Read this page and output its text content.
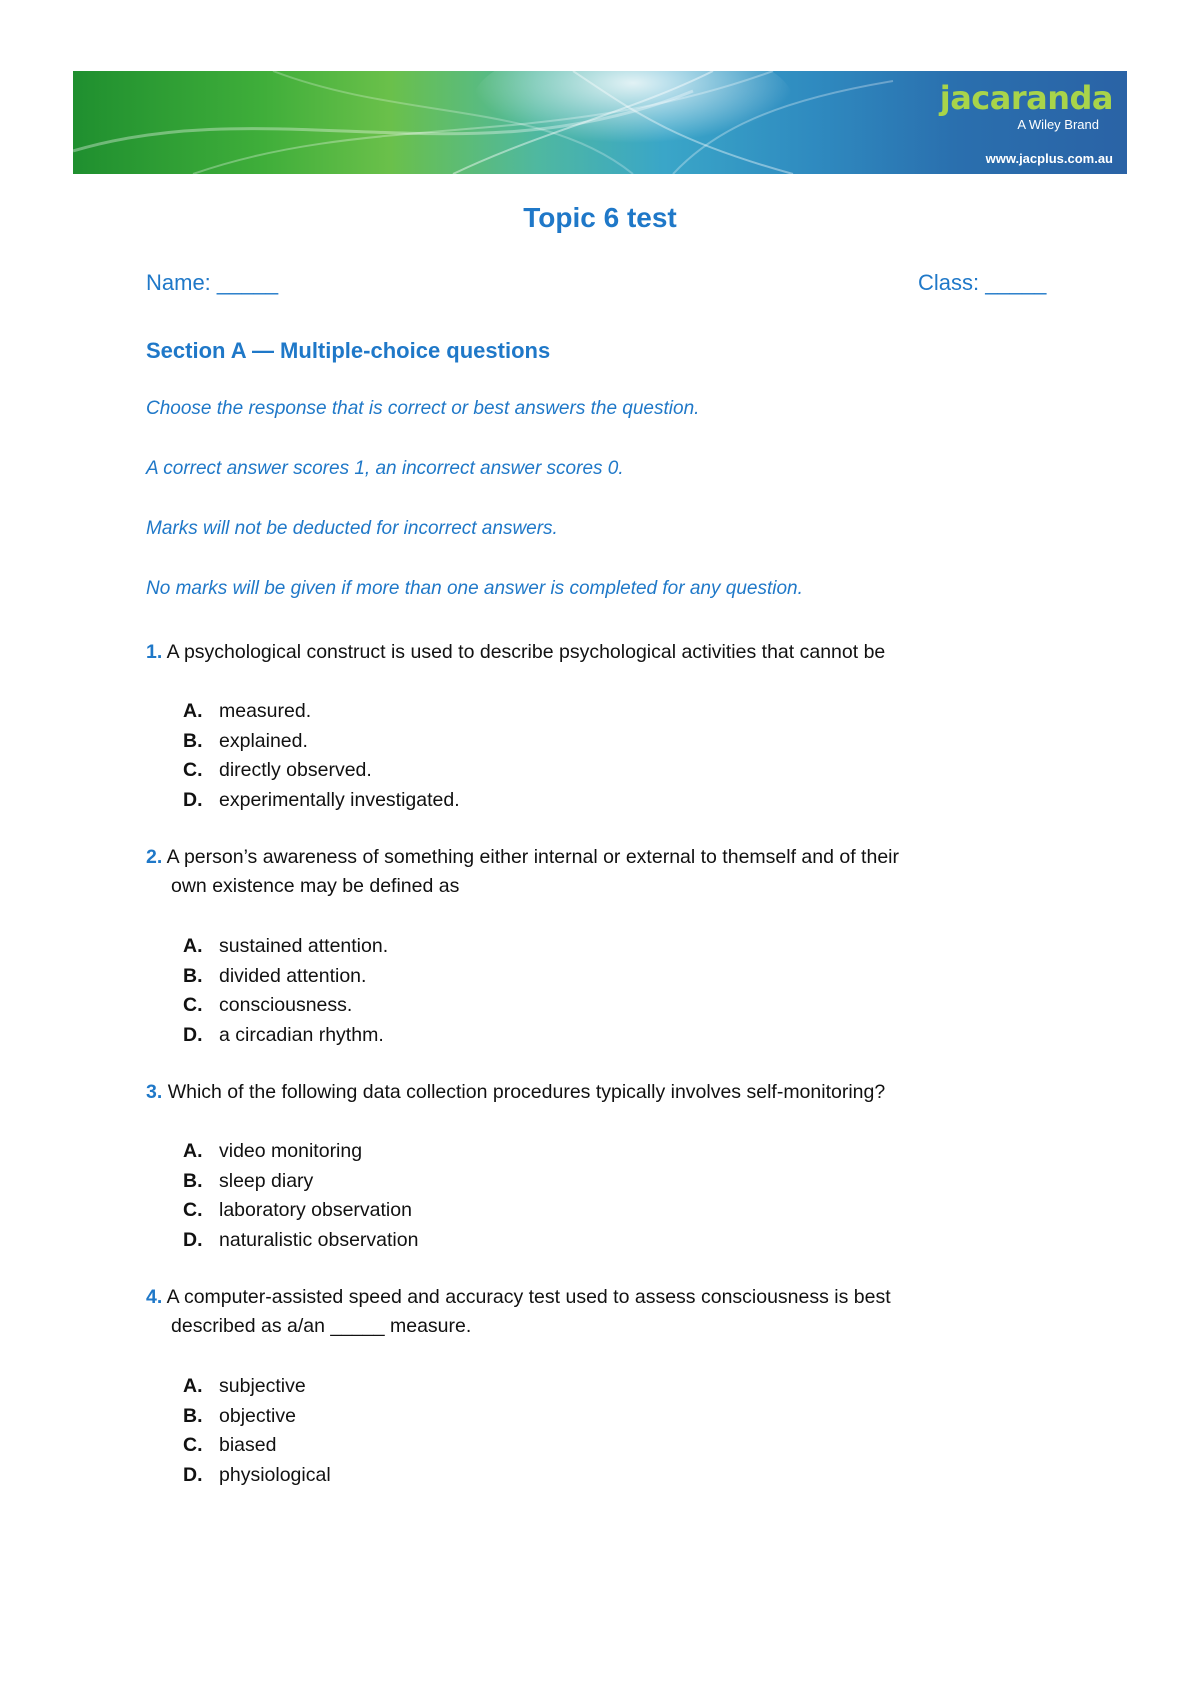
jacaranda
A Wiley Brand
www.jacplus.com.au
Topic 6 test
Name: _____	Class: _____
Section A — Multiple-choice questions
Choose the response that is correct or best answers the question.
A correct answer scores 1, an incorrect answer scores 0.
Marks will not be deducted for incorrect answers.
No marks will be given if more than one answer is completed for any question.
1. A psychological construct is used to describe psychological activities that cannot be
A. measured.
B. explained.
C. directly observed.
D. experimentally investigated.
2. A person’s awareness of something either internal or external to themself and of their
own existence may be defined as
A. sustained attention.
B. divided attention.
C. consciousness.
D. a circadian rhythm.
3. Which of the following data collection procedures typically involves self-monitoring?
A. video monitoring
B. sleep diary
C. laboratory observation
D. naturalistic observation
4. A computer-assisted speed and accuracy test used to assess consciousness is best
described as a/an _____ measure.
A. subjective
B. objective
C. biased
D. physiological
